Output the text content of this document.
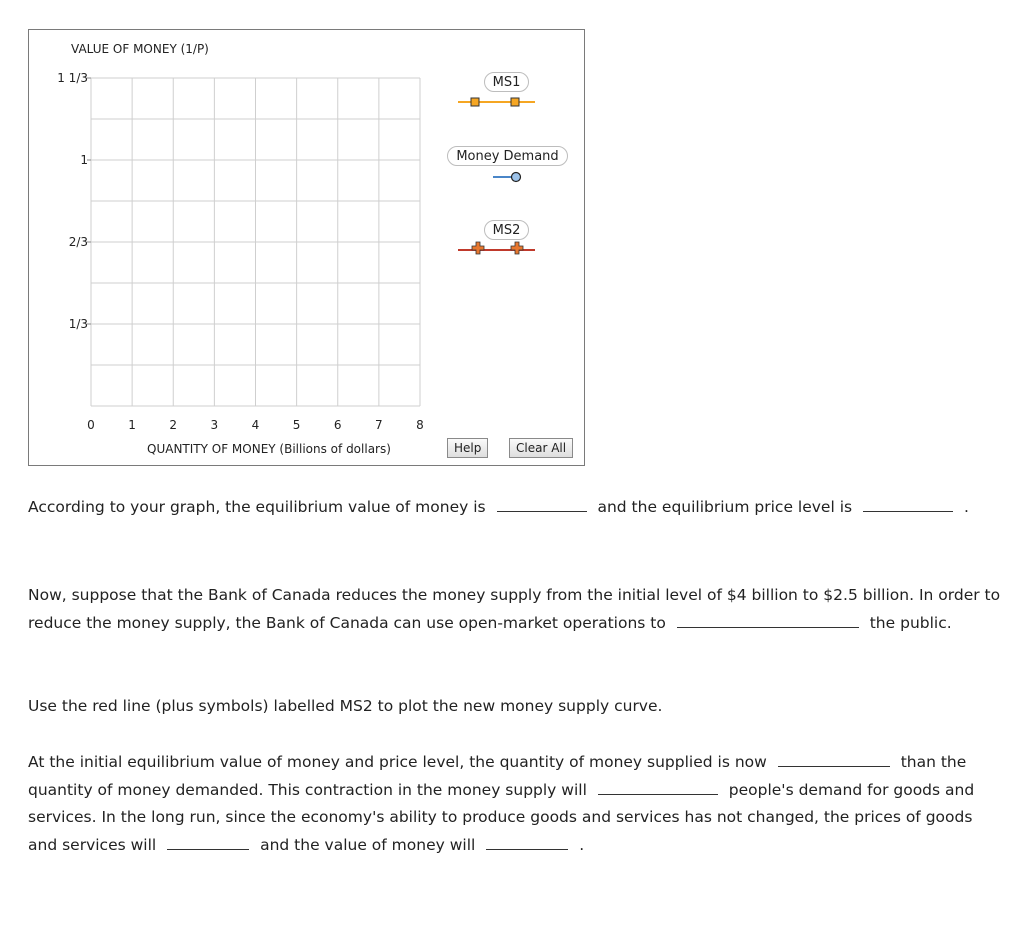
0	1	2	3	4	5	6	7	8
1/3
2/3
1
1 1/3
VALUE OF MONEY (1/P)
QUANTITY OF MONEY (Billions of dollars)
MS1
Money Demand
MS2
Help	Clear All
According to your graph, the equilibrium value of money is	and the equilibrium price level is	.
Now, suppose that the Bank of Canada reduces the money supply from the initial level of $4 billion to $2.5 billion. In order to reduce the money supply, the Bank of Canada can use open-market operations to	the public.
Use the red line (plus symbols) labelled MS2 to plot the new money supply curve.
At the initial equilibrium value of money and price level, the quantity of money supplied is now	than the quantity of money demanded. This contraction in the money supply will	people's demand for goods and services. In the long run, since the economy's ability to produce goods and services has not changed, the prices of goods and services will	and the value of money will	.
